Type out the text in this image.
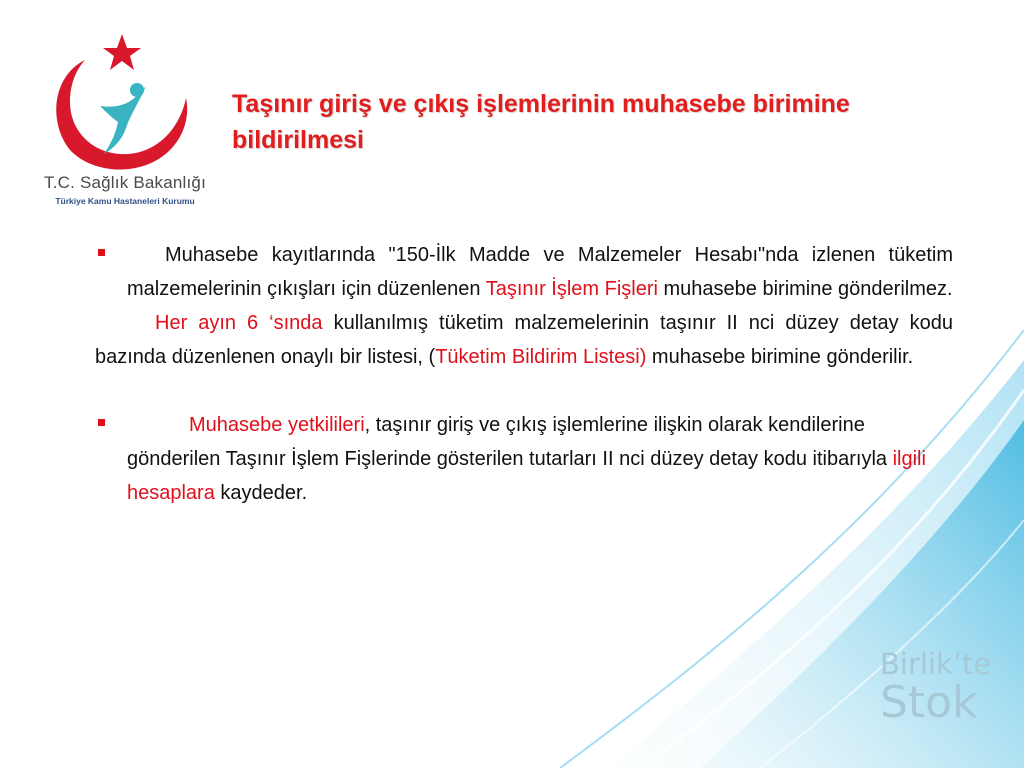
T.C. Sağlık Bakanlığı
Türkiye Kamu Hastaneleri Kurumu
Taşınır giriş ve çıkış işlemlerinin muhasebe birimine bildirilmesi

Muhasebe kayıtlarında "150-İlk Madde ve Malzemeler Hesabı"nda izlenen tüketim malzemelerinin çıkışları için düzenlenen Taşınır İşlem Fişleri muhasebe birimine gönderilmez.

Her ayın 6 ‘sında kullanılmış tüketim malzemelerinin taşınır II nci düzey detay kodu bazında düzenlenen onaylı bir listesi, (Tüketim Bildirim Listesi) muhasebe birimine gönderilir.

Muhasebe yetkilileri, taşınır giriş ve çıkış işlemlerine ilişkin olarak kendilerine gönderilen Taşınır İşlem Fişlerinde gösterilen tutarları II nci düzey detay kodu itibarıyla ilgili hesaplara kaydeder.

Birlik’te
Stok
